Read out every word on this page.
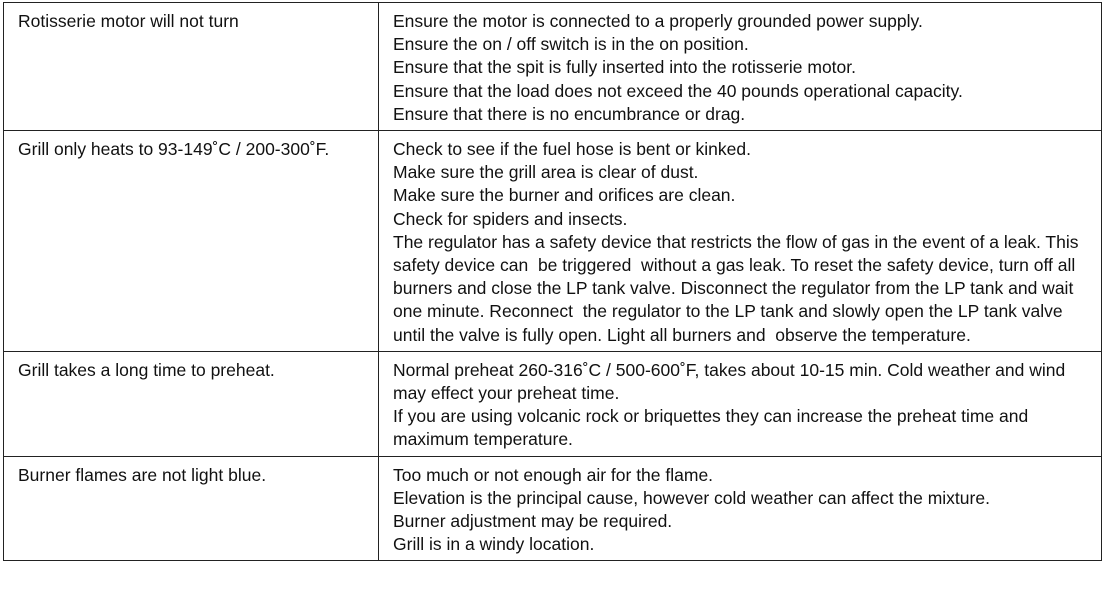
Rotisserie motor will not turn	Ensure the motor is connected to a properly grounded power supply.
Ensure the on / off switch is in the on position.
Ensure that the spit is fully inserted into the rotisserie motor.
Ensure that the load does not exceed the 40 pounds operational capacity.
Ensure that there is no encumbrance or drag.

Grill only heats to 93-149˚C / 200-300˚F.	Check to see if the fuel hose is bent or kinked.
Make sure the grill area is clear of dust.
Make sure the burner and orifices are clean.
Check for spiders and insects.
The regulator has a safety device that restricts the flow of gas in the event of a leak. This safety device can  be triggered  without a gas leak. To reset the safety device, turn off all burners and close the LP tank valve. Disconnect the regulator from the LP tank and wait one minute. Reconnect  the regulator to the LP tank and slowly open the LP tank valve until the valve is fully open. Light all burners and  observe the temperature.

Grill takes a long time to preheat.	Normal preheat 260-316˚C / 500-600˚F, takes about 10-15 min. Cold weather and wind may effect your preheat time.
If you are using volcanic rock or briquettes they can increase the preheat time and maximum temperature.

Burner flames are not light blue.	Too much or not enough air for the flame.
Elevation is the principal cause, however cold weather can affect the mixture.
Burner adjustment may be required.
Grill is in a windy location.
